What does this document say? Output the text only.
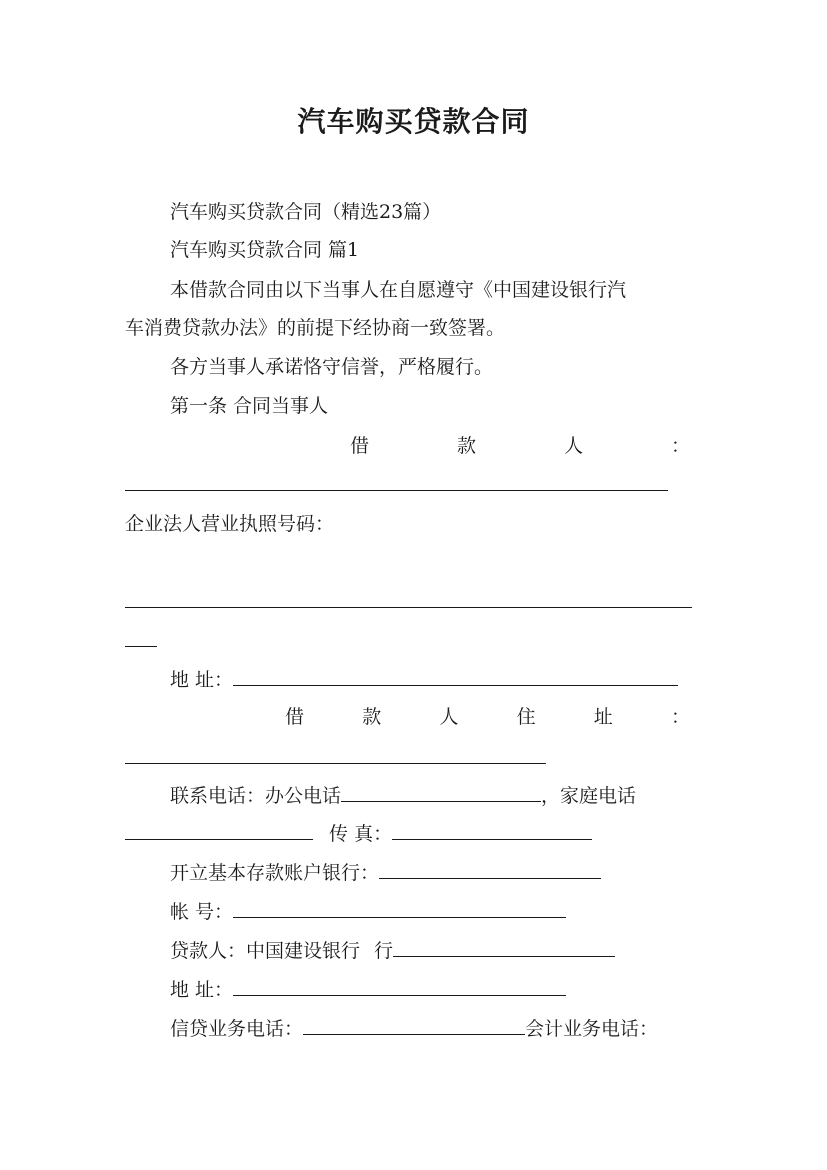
汽车购买贷款合同
汽车购买贷款合同（精选23篇）
汽车购买贷款合同 篇1
本借款合同由以下当事人在自愿遵守《中国建设银行汽
车消费贷款办法》的前提下经协商一致签署。
各方当事人承诺恪守信誉，严格履行。
第一条 合同当事人
借	款	人	：
企业法人营业执照号码：
地 址：
借	款	人	住	址	：
联系电话：办公电话	，家庭电话
传 真：
开立基本存款账户银行：
帐 号：
贷款人：中国建设银行 行
地 址：
信贷业务电话：	会计业务电话：
